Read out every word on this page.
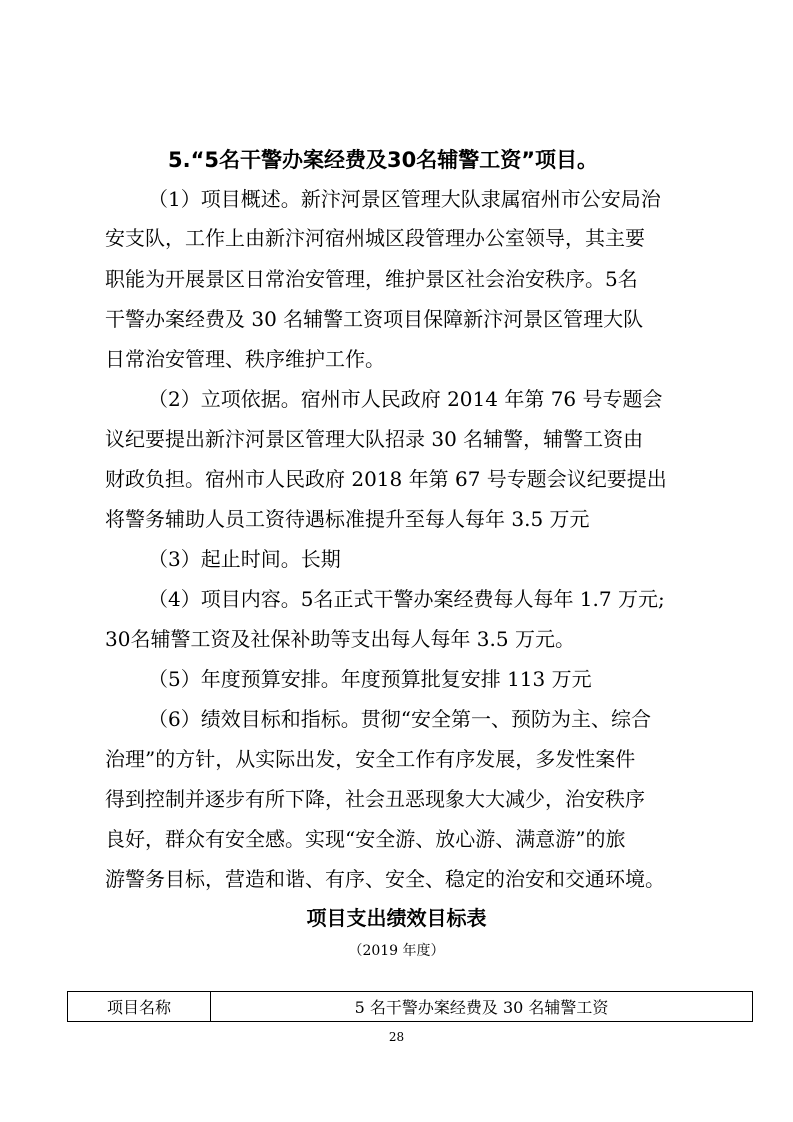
5.“5名干警办案经费及30名辅警工资”项目。
（1）项目概述。新汴河景区管理大队隶属宿州市公安局治
安支队，工作上由新汴河宿州城区段管理办公室领导，其主要
职能为开展景区日常治安管理，维护景区社会治安秩序。5名
干警办案经费及 30 名辅警工资项目保障新汴河景区管理大队
日常治安管理、秩序维护工作。
（2）立项依据。宿州市人民政府 2014 年第 76 号专题会
议纪要提出新汴河景区管理大队招录 30 名辅警，辅警工资由
财政负担。宿州市人民政府 2018 年第 67 号专题会议纪要提出
将警务辅助人员工资待遇标准提升至每人每年 3.5 万元
（3）起止时间。长期
（4）项目内容。5名正式干警办案经费每人每年 1.7 万元;
30名辅警工资及社保补助等支出每人每年 3.5 万元。
（5）年度预算安排。年度预算批复安排 113 万元
（6）绩效目标和指标。贯彻“安全第一、预防为主、综合
治理”的方针，从实际出发，安全工作有序发展，多发性案件
得到控制并逐步有所下降，社会丑恶现象大大减少，治安秩序
良好，群众有安全感。实现“安全游、放心游、满意游”的旅
游警务目标，营造和谐、有序、安全、稳定的治安和交通环境。
项目支出绩效目标表
（2019 年度）
项目名称	5 名干警办案经费及 30 名辅警工资
28
